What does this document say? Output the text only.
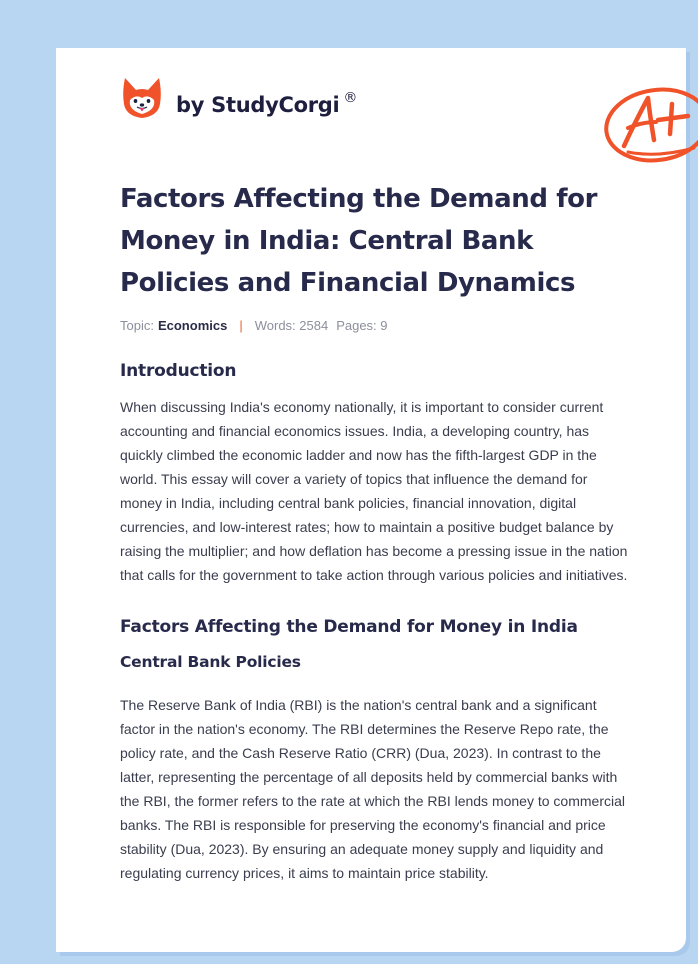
by StudyCorgi ®
Factors Affecting the Demand for Money in India: Central Bank Policies and Financial Dynamics
Topic: Economics | Words: 2584 Pages: 9
Introduction

When discussing India's economy nationally, it is important to consider current accounting and financial economics issues. India, a developing country, has quickly climbed the economic ladder and now has the fifth-largest GDP in the world. This essay will cover a variety of topics that influence the demand for money in India, including central bank policies, financial innovation, digital currencies, and low-interest rates; how to maintain a positive budget balance by raising the multiplier; and how deflation has become a pressing issue in the nation that calls for the government to take action through various policies and initiatives.

Factors Affecting the Demand for Money in India
Central Bank Policies

The Reserve Bank of India (RBI) is the nation's central bank and a significant factor in the nation's economy. The RBI determines the Reserve Repo rate, the policy rate, and the Cash Reserve Ratio (CRR) (Dua, 2023). In contrast to the latter, representing the percentage of all deposits held by commercial banks with the RBI, the former refers to the rate at which the RBI lends money to commercial banks. The RBI is responsible for preserving the economy's financial and price stability (Dua, 2023). By ensuring an adequate money supply and liquidity and regulating currency prices, it aims to maintain price stability.
